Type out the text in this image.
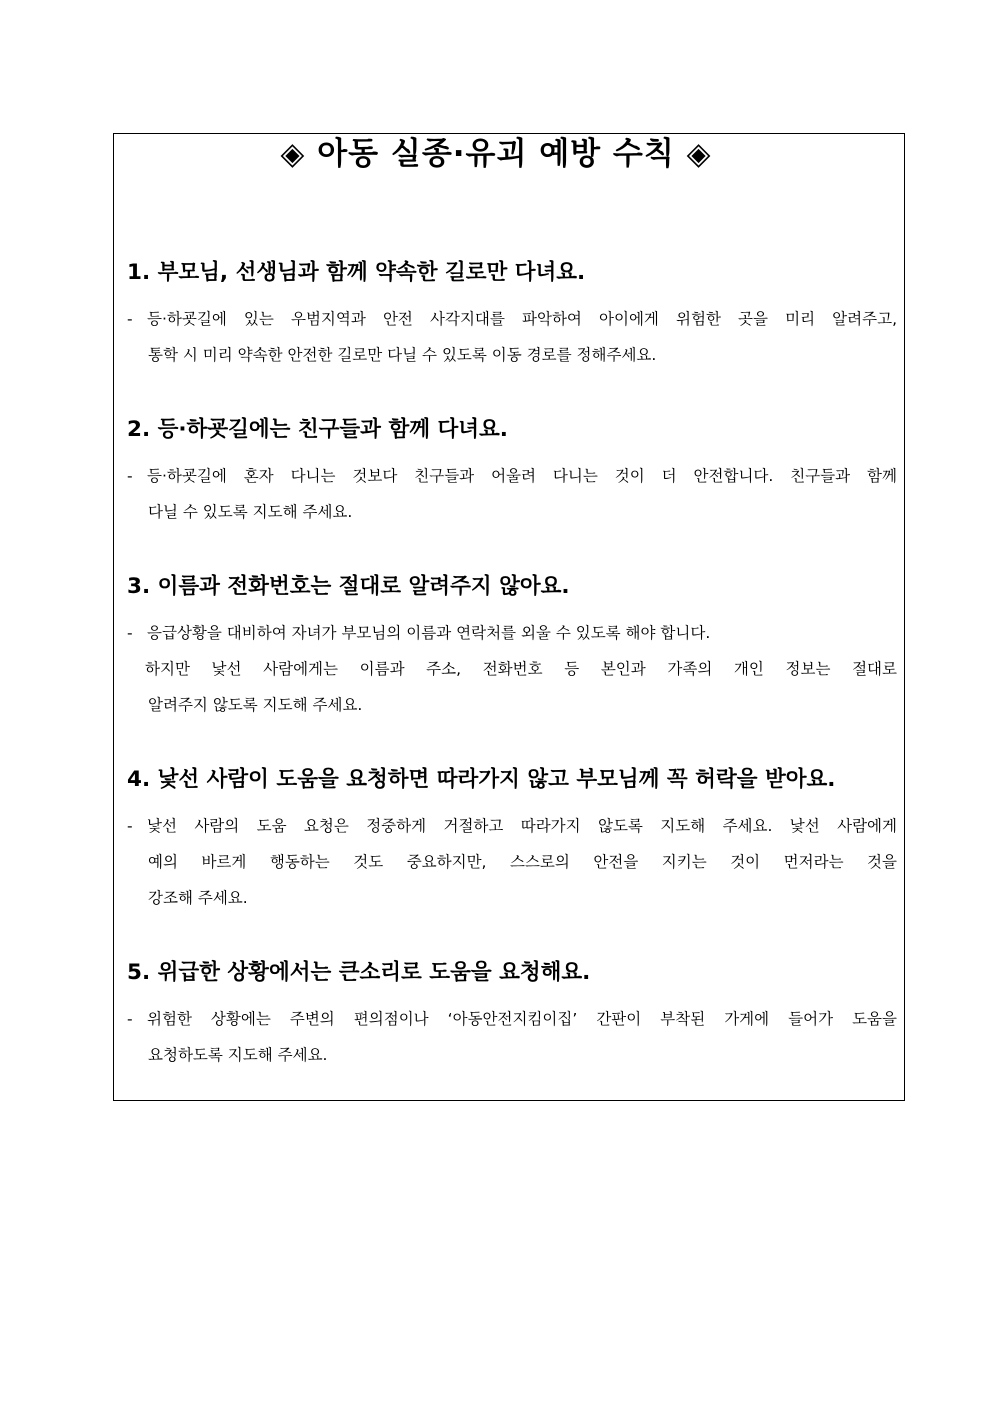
◈ 아동 실종·유괴 예방 수칙 ◈
1. 부모님, 선생님과 함께 약속한 길로만 다녀요.
- 등·하굣길에 있는 우범지역과 안전 사각지대를 파악하여 아이에게 위험한 곳을 미리 알려주고,
통학 시 미리 약속한 안전한 길로만 다닐 수 있도록 이동 경로를 정해주세요.
2. 등·하굣길에는 친구들과 함께 다녀요.
- 등·하굣길에 혼자 다니는 것보다 친구들과 어울려 다니는 것이 더 안전합니다. 친구들과 함께
다닐 수 있도록 지도해 주세요.
3. 이름과 전화번호는 절대로 알려주지 않아요.
- 응급상황을 대비하여 자녀가 부모님의 이름과 연락처를 외울 수 있도록 해야 합니다.
하지만 낯선 사람에게는 이름과 주소, 전화번호 등 본인과 가족의 개인 정보는 절대로
알려주지 않도록 지도해 주세요.
4. 낯선 사람이 도움을 요청하면 따라가지 않고 부모님께 꼭 허락을 받아요.
- 낯선 사람의 도움 요청은 정중하게 거절하고 따라가지 않도록 지도해 주세요. 낯선 사람에게
예의 바르게 행동하는 것도 중요하지만, 스스로의 안전을 지키는 것이 먼저라는 것을
강조해 주세요.
5. 위급한 상황에서는 큰소리로 도움을 요청해요.
- 위험한 상황에는 주변의 편의점이나 ‘아동안전지킴이집’ 간판이 부착된 가게에 들어가 도움을
요청하도록 지도해 주세요.
